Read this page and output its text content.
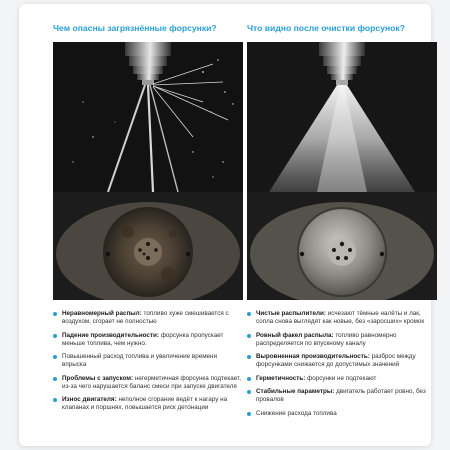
Чем опасны загрязнённые форсунки?
Неравномерный распыл: топливо хуже смешивается с воздухом, сгорает не полностью
Падение производительности: форсунка пропускает меньше топлива, чем нужно.
Повышенный расход топлива и увеличение времени впрыска
Проблемы с запуском: негерметичная форсунка подтекает, из-за чего нарушается баланс смеси при запуске двигателя
Износ двигателя: неполное сгорание ведёт к нагару на клапанах и поршнях, повышается риск детонации
Что видно после очистки форсунок?
Чистые распылители: исчезают тёмные налёты и лак, сопла снова выглядят как новые, без «заросших» кромок
Ровный факел распыла: топливо равномерно распределяется по впускному каналу
Выровненная производительность: разброс между форсунками снижается до допустимых значений
Герметичность: форсунки не подтекают
Стабильные параметры: двигатель работает ровно, без провалов
Снижение расхода топлива
